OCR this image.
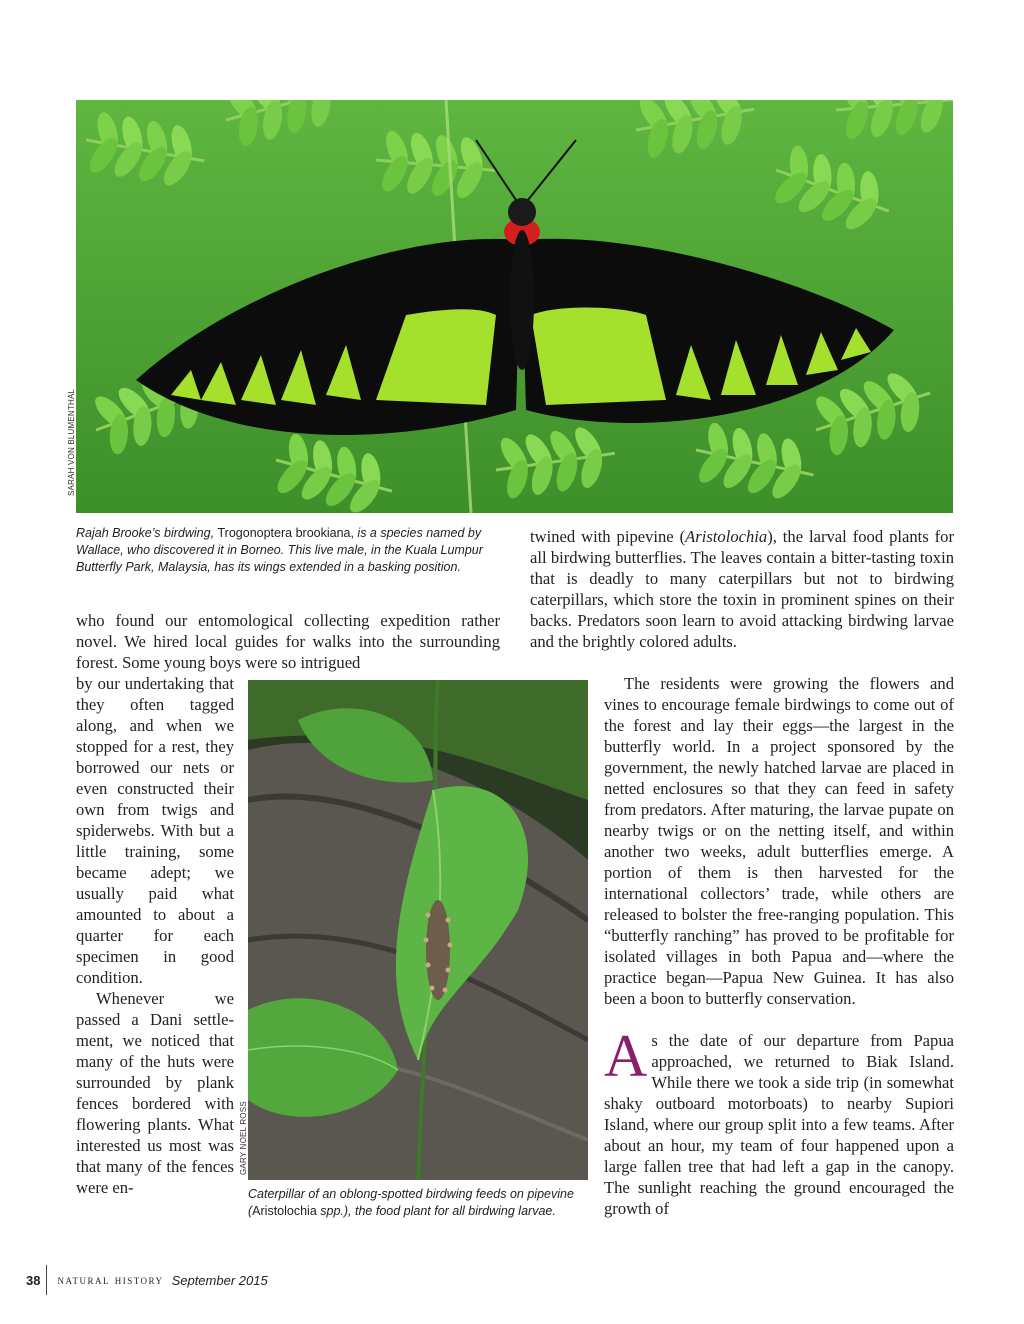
SARAH VON BLUMENTHAL

Rajah Brooke’s birdwing, Trogonoptera brookiana, is a species named by Wallace, who discovered it in Borneo. This live male, in the Kuala Lumpur Butterfly Park, Malaysia, has its wings extended in a basking position.

who found our entomological collecting expedition rather novel. We hired local guides for walks into the surrounding forest. Some young boys were so intrigued

by our undertaking that they often tagged along, and when we stopped for a rest, they borrowed our nets or even constructed their own from twigs and spiderwebs. With but a little training, some became adept; we usually paid what amounted to about a quarter for each specimen in good condition.

Whenever we passed a Dani settlement, we noticed that many of the huts were surrounded by plank fences bordered with flowering plants. What interested us most was that many of the fences were en-

GARY NOEL ROSS

Caterpillar of an oblong-spotted birdwing feeds on pipevine (Aristolochia spp.), the food plant for all birdwing larvae.

twined with pipevine (Aristolochia), the larval food plants for all birdwing butterflies. The leaves contain a bitter-tasting toxin that is deadly to many caterpillars but not to birdwing caterpillars, which store the toxin in prominent spines on their backs. Predators soon learn to avoid attacking birdwing larvae and the brightly colored adults.

The residents were growing the flowers and vines to encourage female birdwings to come out of the forest and lay their eggs—the largest in the butterfly world. In a project sponsored by the government, the newly hatched larvae are placed in netted enclosures so that they can feed in safety from predators. After maturing, the larvae pupate on nearby twigs or on the netting itself, and within another two weeks, adult butterflies emerge. A portion of them is then harvested for the international collectors’ trade, while others are released to bolster the free-ranging population. This “butterfly ranching” has proved to be profitable for isolated villages in both Papua and—where the practice began—Papua New Guinea. It has also been a boon to butterfly conservation.

As the date of our departure from Papua approached, we returned to Biak Island. While there we took a side trip (in somewhat shaky outboard motorboats) to nearby Supiori Island, where our group split into a few teams. After about an hour, my team of four happened upon a large fallen tree that had left a gap in the canopy. The sunlight reaching the ground encouraged the growth of

38	natural history September 2015
